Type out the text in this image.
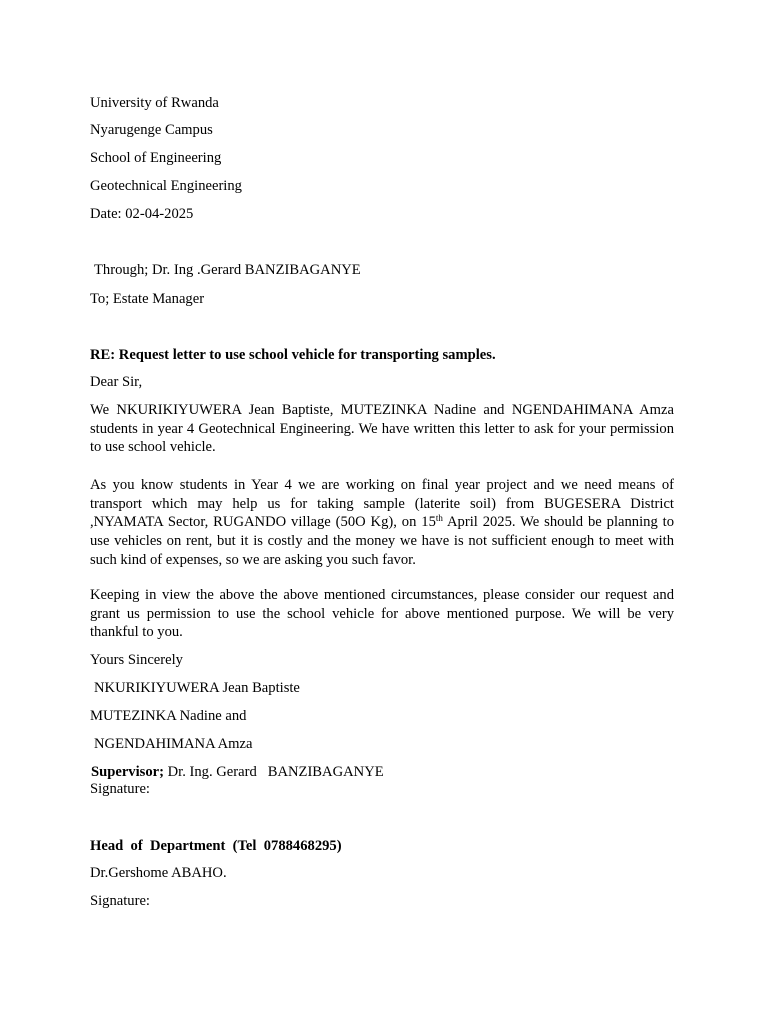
University of Rwanda
Nyarugenge Campus
School of Engineering
Geotechnical Engineering
Date: 02-04-2025
Through; Dr. Ing .Gerard BANZIBAGANYE
To; Estate Manager
RE: Request letter to use school vehicle for transporting samples.
Dear Sir,
We NKURIKIYUWERA Jean Baptiste, MUTEZINKA Nadine and NGENDAHIMANA Amza students in year 4 Geotechnical Engineering. We have written this letter to ask for your permission to use school vehicle.
As you know students in Year 4 we are working on final year project and we need means of transport which may help us for taking sample (laterite soil) from BUGESERA District ,NYAMATA Sector, RUGANDO village (50O Kg), on 15th April 2025. We should be planning to use vehicles on rent, but it is costly and the money we have is not sufficient enough to meet with such kind of expenses, so we are asking you such favor.
Keeping in view the above the above mentioned circumstances, please consider our request and grant us permission to use the school vehicle for above mentioned purpose. We will be very thankful to you.
Yours Sincerely
NKURIKIYUWERA Jean Baptiste
MUTEZINKA Nadine and
NGENDAHIMANA Amza
Supervisor; Dr. Ing. Gerard   BANZIBAGANYE
Signature:
Head  of  Department  (Tel  0788468295)
Dr.Gershome ABAHO.
Signature:
